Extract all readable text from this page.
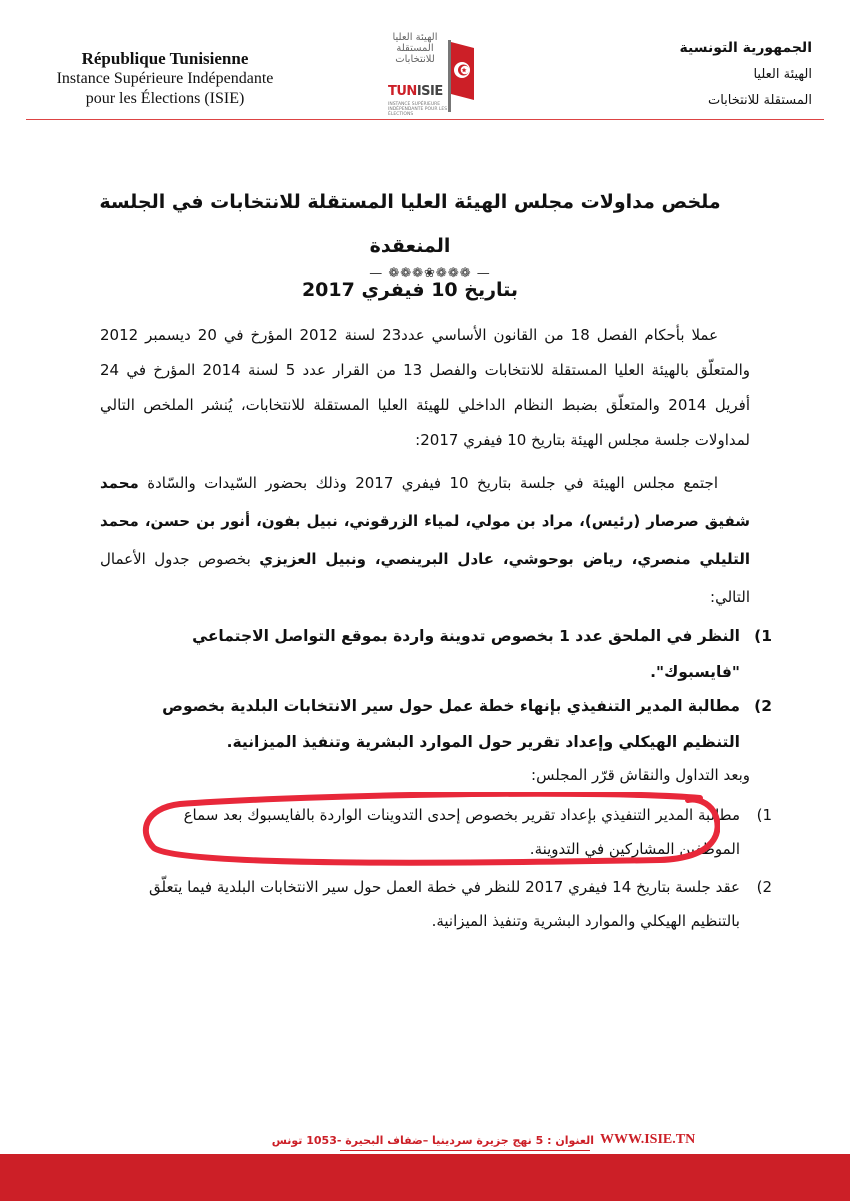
République Tunisienne
Instance Supérieure Indépendante
pour les Élections (ISIE)
الهيئة العليا المستقلة للانتخابات
TUNISIE
INSTANCE SUPÉRIEURE INDÉPENDANTE POUR LES ÉLECTIONS
الجمهورية التونسية
الهيئة العليا
المستقلة للانتخابات
ملخص مداولات مجلس الهيئة العليا المستقلة للانتخابات في الجلسة المنعقدة
بتاريخ 10 فيفري 2017
— ❁❁❁❀❁❁❁ —
عملا بأحكام الفصل 18 من القانون الأساسي عدد23 لسنة 2012 المؤرخ في 20 ديسمبر 2012 والمتعلّق بالهيئة العليا المستقلة للانتخابات والفصل 13 من القرار عدد 5 لسنة 2014 المؤرخ في 24 أفريل 2014 والمتعلّق بضبط النظام الداخلي للهيئة العليا المستقلة للانتخابات، يُنشر الملخص التالي لمداولات جلسة مجلس الهيئة بتاريخ 10 فيفري 2017:
اجتمع مجلس الهيئة في جلسة بتاريخ 10 فيفري 2017 وذلك بحضور السّيدات والسّادة محمد شفيق صرصار (رئيس)، مراد بن مولي، لمياء الزرقوني، نبيل بفون، أنور بن حسن، محمد التليلي منصري، رياض بوحوشي، عادل البرينصي، ونبيل العزيزي بخصوص جدول الأعمال التالي:
1)
النظر في الملحق عدد 1 بخصوص تدوينة واردة بموقع التواصل الاجتماعي "فايسبوك".
2)
مطالبة المدير التنفيذي بإنهاء خطة عمل حول سير الانتخابات البلدية بخصوص التنظيم الهيكلي وإعداد تقرير حول الموارد البشرية وتنفيذ الميزانية.
وبعد التداول والنقاش قرّر المجلس:
1)
مطالبة المدير التنفيذي بإعداد تقرير بخصوص إحدى التدوينات الواردة بالفايسبوك بعد سماع الموظفين المشاركين في التدوينة.
2)
عقد جلسة بتاريخ 14 فيفري 2017 للنظر في خطة العمل حول سير الانتخابات البلدية فيما يتعلّق بالتنظيم الهيكلي والموارد البشرية وتنفيذ الميزانية.
العنوان : 5 نهج جزيرة سردينيا –ضفاف البحيرة -1053 تونس WWW.ISIE.TN
